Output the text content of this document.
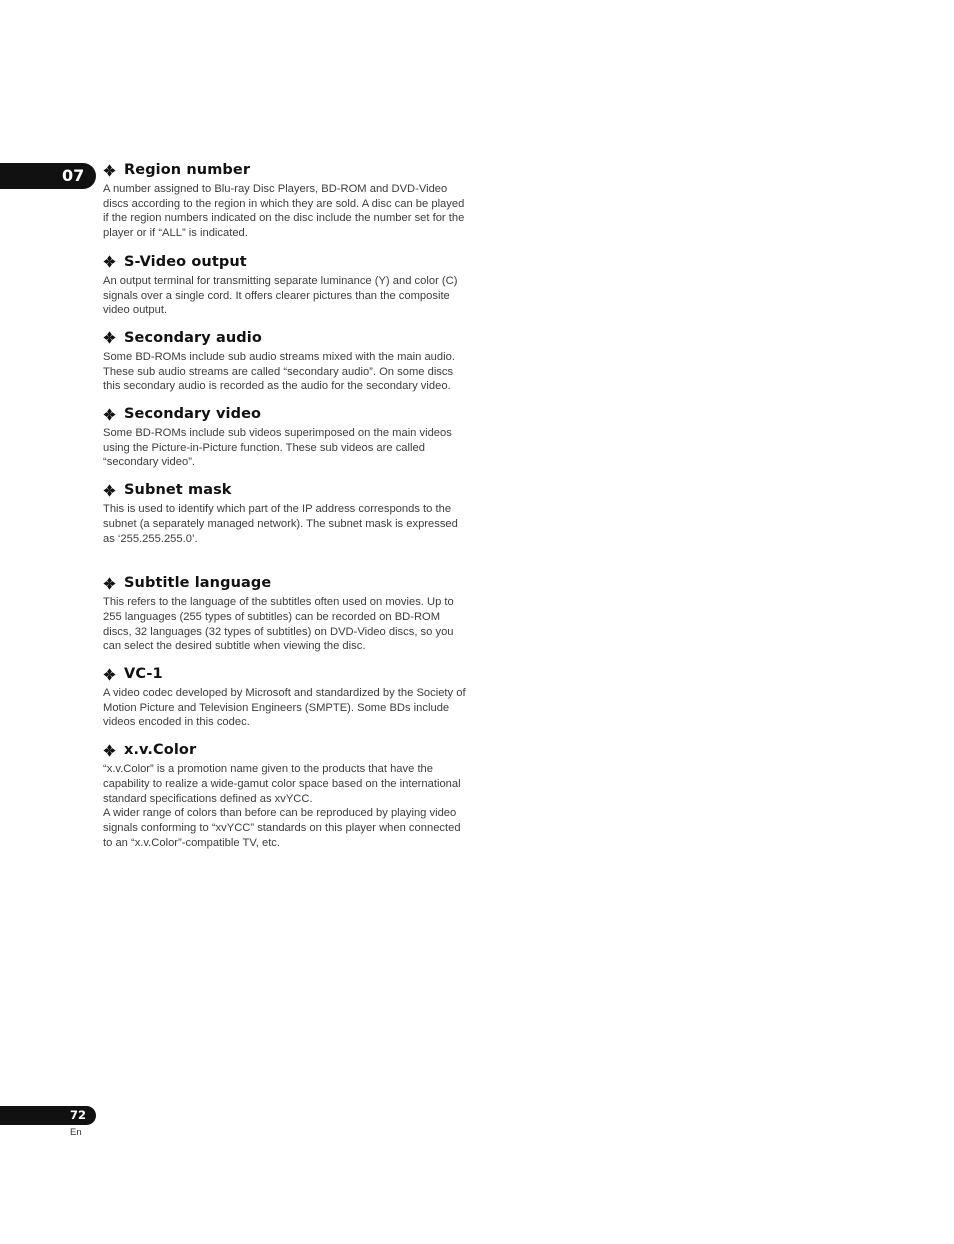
07	Region number

A number assigned to Blu-ray Disc Players, BD-ROM and DVD-Video discs according to the region in which they are sold. A disc can be played if the region numbers indicated on the disc include the number set for the player or if “ALL” is indicated.

S-Video output

An output terminal for transmitting separate luminance (Y) and color (C) signals over a single cord. It offers clearer pictures than the composite video output.

Secondary audio

Some BD-ROMs include sub audio streams mixed with the main audio. These sub audio streams are called “secondary audio”. On some discs this secondary audio is recorded as the audio for the secondary video.

Secondary video

Some BD-ROMs include sub videos superimposed on the main videos using the Picture-in-Picture function. These sub videos are called “secondary video”.

Subnet mask

This is used to identify which part of the IP address corresponds to the subnet (a separately managed network). The subnet mask is expressed as ‘255.255.255.0’.

Subtitle language

This refers to the language of the subtitles often used on movies. Up to 255 languages (255 types of subtitles) can be recorded on BD-ROM discs, 32 languages (32 types of subtitles) on DVD-Video discs, so you can select the desired subtitle when viewing the disc.

VC-1

A video codec developed by Microsoft and standardized by the Society of Motion Picture and Television Engineers (SMPTE). Some BDs include videos encoded in this codec.

x.v.Color

“x.v.Color” is a promotion name given to the products that have the capability to realize a wide-gamut color space based on the international standard specifications defined as xvYCC.

A wider range of colors than before can be reproduced by playing video signals conforming to “xvYCC” standards on this player when connected to an “x.v.Color”-compatible TV, etc.

72
En
